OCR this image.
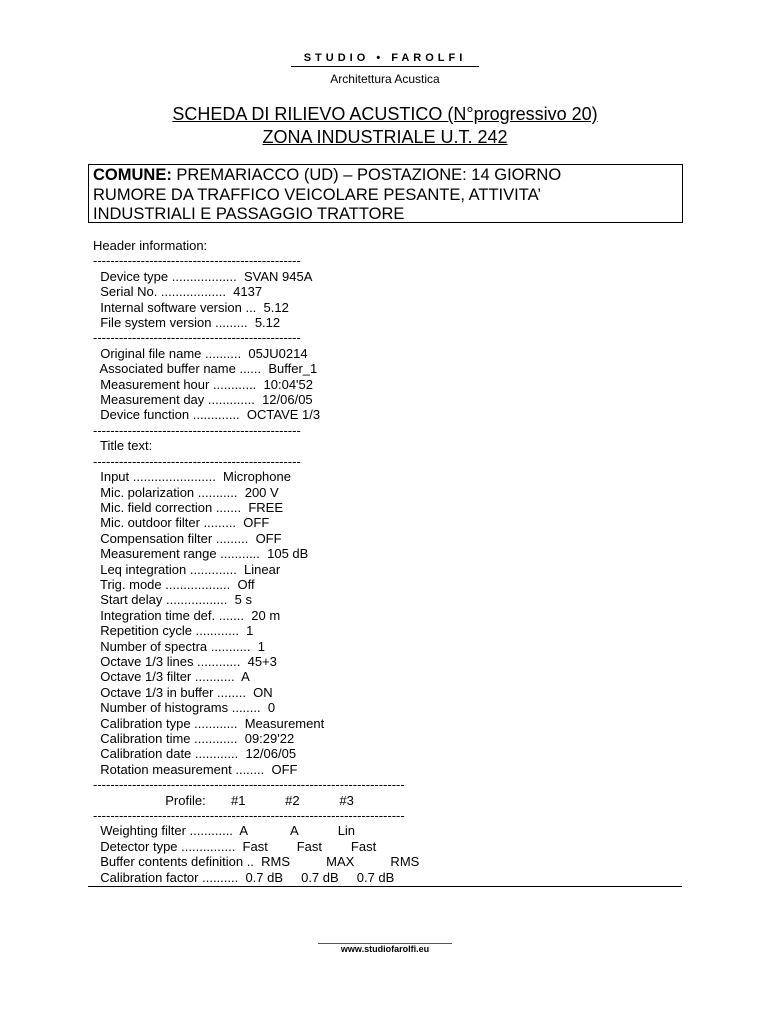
STUDIO • FAROLFI
Architettura Acustica
SCHEDA DI RILIEVO ACUSTICO (N°progressivo 20)
ZONA INDUSTRIALE U.T. 242
COMUNE: PREMARIACCO (UD) – POSTAZIONE: 14 GIORNO
RUMORE DA TRAFFICO VEICOLARE PESANTE, ATTIVITA’
INDUSTRIALI E PASSAGGIO TRATTORE
Header information:
------------------------------------------------
Device type ..................  SVAN 945A
Serial No. ..................  4137
Internal software version ...  5.12
File system version .........  5.12
------------------------------------------------
Original file name ..........  05JU0214
Associated buffer name ......  Buffer_1
Measurement hour ............  10:04'52
Measurement day .............  12/06/05
Device function .............  OCTAVE 1/3
------------------------------------------------
Title text:
------------------------------------------------
Input .......................  Microphone
Mic. polarization ...........  200 V
Mic. field correction .......  FREE
Mic. outdoor filter .........  OFF
Compensation filter .........  OFF
Measurement range ...........  105 dB
Leq integration .............  Linear
Trig. mode ..................  Off
Start delay .................  5 s
Integration time def. .......  20 m
Repetition cycle ............  1
Number of spectra ...........  1
Octave 1/3 lines ............  45+3
Octave 1/3 filter ...........  A
Octave 1/3 in buffer ........  ON
Number of histograms ........  0
Calibration type ............  Measurement
Calibration time ............  09:29'22
Calibration date ............  12/06/05
Rotation measurement ........  OFF
------------------------------------------------------------------------
Profile:       #1           #2           #3
------------------------------------------------------------------------
Weighting filter ............  A            A           Lin
Detector type ...............  Fast        Fast        Fast
Buffer contents definition ..  RMS          MAX          RMS
Calibration factor ..........  0.7 dB     0.7 dB     0.7 dB
www.studiofarolfi.eu
